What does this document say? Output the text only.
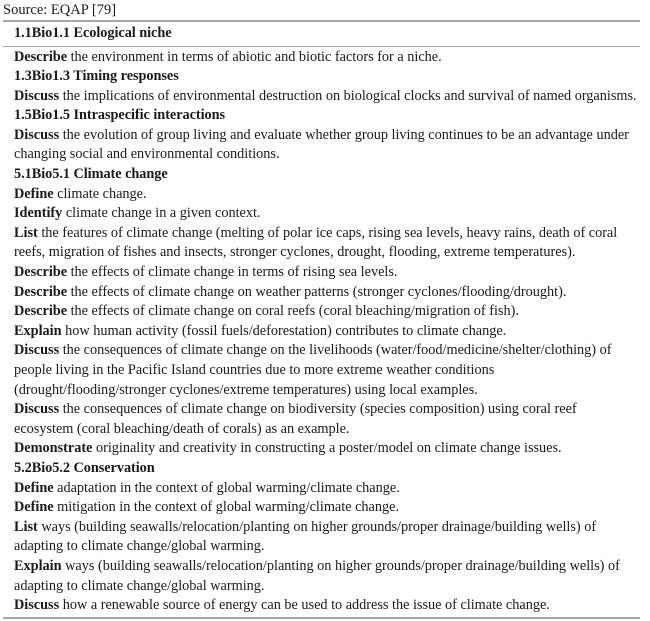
Source: EQAP [79]
1.1Bio1.1 Ecological niche

Describe the environment in terms of abiotic and biotic factors for a niche.
1.3Bio1.3 Timing responses
Discuss the implications of environmental destruction on biological clocks and survival of named organisms.
1.5Bio1.5 Intraspecific interactions
Discuss the evolution of group living and evaluate whether group living continues to be an advantage under changing social and environmental conditions.
5.1Bio5.1 Climate change
Define climate change.
Identify climate change in a given context.
List the features of climate change (melting of polar ice caps, rising sea levels, heavy rains, death of coral reefs, migration of fishes and insects, stronger cyclones, drought, flooding, extreme temperatures).
Describe the effects of climate change in terms of rising sea levels.
Describe the effects of climate change on weather patterns (stronger cyclones/flooding/drought).
Describe the effects of climate change on coral reefs (coral bleaching/migration of fish).
Explain how human activity (fossil fuels/deforestation) contributes to climate change.
Discuss the consequences of climate change on the livelihoods (water/food/medicine/shelter/clothing) of people living in the Pacific Island countries due to more extreme weather conditions (drought/flooding/stronger cyclones/extreme temperatures) using local examples.
Discuss the consequences of climate change on biodiversity (species composition) using coral reef ecosystem (coral bleaching/death of corals) as an example.
Demonstrate originality and creativity in constructing a poster/model on climate change issues.
5.2Bio5.2 Conservation
Define adaptation in the context of global warming/climate change.
Define mitigation in the context of global warming/climate change.
List ways (building seawalls/relocation/planting on higher grounds/proper drainage/building wells) of adapting to climate change/global warming.
Explain ways (building seawalls/relocation/planting on higher grounds/proper drainage/building wells) of adapting to climate change/global warming.
Discuss how a renewable source of energy can be used to address the issue of climate change.
